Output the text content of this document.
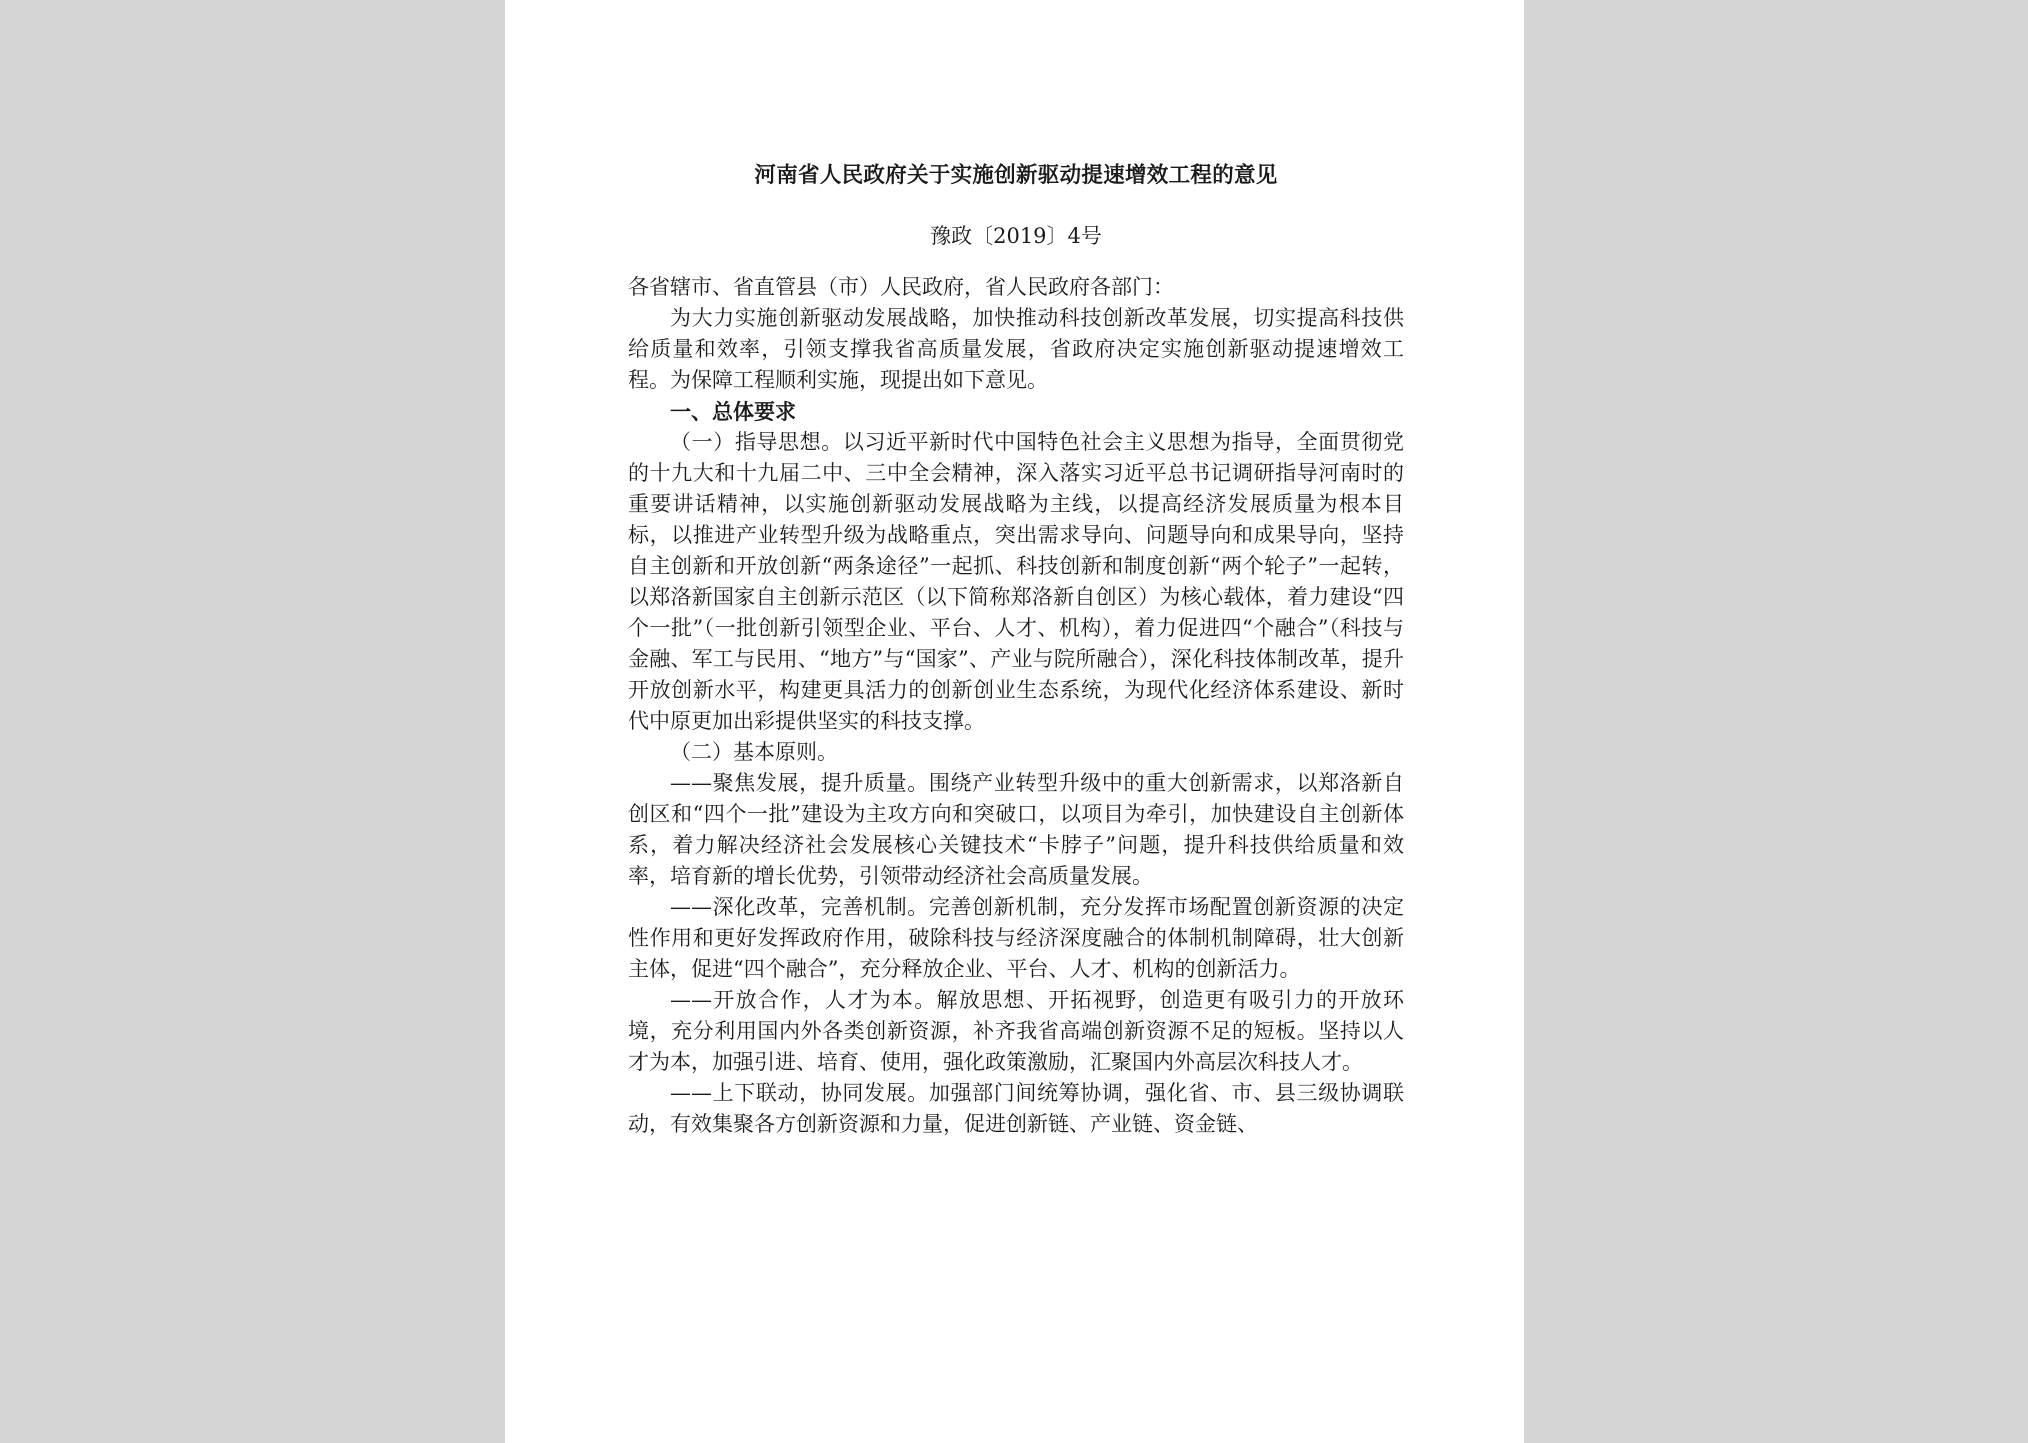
河南省人民政府关于实施创新驱动提速增效工程的意见
豫政〔2019〕4号

各省辖市、省直管县（市）人民政府，省人民政府各部门：

为大力实施创新驱动发展战略，加快推动科技创新改革发展，切实提高科技供给质量和效率，引领支撑我省高质量发展，省政府决定实施创新驱动提速增效工程。为保障工程顺利实施，现提出如下意见。

一、总体要求

（一）指导思想。以习近平新时代中国特色社会主义思想为指导，全面贯彻党的十九大和十九届二中、三中全会精神，深入落实习近平总书记调研指导河南时的重要讲话精神，以实施创新驱动发展战略为主线，以提高经济发展质量为根本目标，以推进产业转型升级为战略重点，突出需求导向、问题导向和成果导向，坚持自主创新和开放创新“两条途径”一起抓、科技创新和制度创新“两个轮子”一起转，以郑洛新国家自主创新示范区（以下简称郑洛新自创区）为核心载体，着力建设“四个一批”（一批创新引领型企业、平台、人才、机构），着力促进四“个融合”（科技与金融、军工与民用、“地方”与“国家”、产业与院所融合），深化科技体制改革，提升开放创新水平，构建更具活力的创新创业生态系统，为现代化经济体系建设、新时代中原更加出彩提供坚实的科技支撑。

（二）基本原则。

——聚焦发展，提升质量。围绕产业转型升级中的重大创新需求，以郑洛新自创区和“四个一批”建设为主攻方向和突破口，以项目为牵引，加快建设自主创新体系，着力解决经济社会发展核心关键技术“卡脖子”问题，提升科技供给质量和效率，培育新的增长优势，引领带动经济社会高质量发展。

——深化改革，完善机制。完善创新机制，充分发挥市场配置创新资源的决定性作用和更好发挥政府作用，破除科技与经济深度融合的体制机制障碍，壮大创新主体，促进“四个融合”，充分释放企业、平台、人才、机构的创新活力。

——开放合作，人才为本。解放思想、开拓视野，创造更有吸引力的开放环境，充分利用国内外各类创新资源，补齐我省高端创新资源不足的短板。坚持以人才为本，加强引进、培育、使用，强化政策激励，汇聚国内外高层次科技人才。

——上下联动，协同发展。加强部门间统筹协调，强化省、市、县三级协调联动，有效集聚各方创新资源和力量，促进创新链、产业链、资金链、
